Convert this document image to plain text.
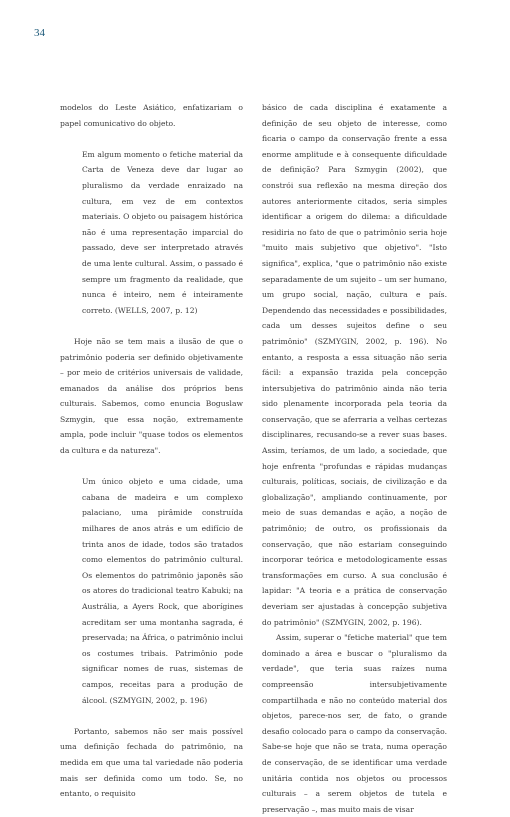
34

modelos do Leste Asiático, enfatizariam o papel comunicativo do objeto.

Em algum momento o fetiche material da Carta de Veneza deve dar lugar ao pluralismo da verdade enraizado na cultura, em vez de em contextos materiais. O objeto ou paisagem histórica não é uma representação imparcial do passado, deve ser interpretado através de uma lente cultural. Assim, o passado é sempre um fragmento da realidade, que nunca é inteiro, nem é inteiramente correto. (WELLS, 2007, p. 12)

Hoje não se tem mais a ilusão de que o patrimônio poderia ser definido objetivamente – por meio de critérios universais de validade, emanados da análise dos próprios bens culturais. Sabemos, como enuncia Boguslaw Szmygin, que essa noção, extremamente ampla, pode incluir "quase todos os elementos da cultura e da natureza".

Um único objeto e uma cidade, uma cabana de madeira e um complexo palaciano, uma pirâmide construída milhares de anos atrás e um edifício de trinta anos de idade, todos são tratados como elementos do patrimônio cultural. Os elementos do patrimônio japonês são os atores do tradicional teatro Kabuki; na Austrália, a Ayers Rock, que aborígines acreditam ser uma montanha sagrada, é preservada; na África, o patrimônio inclui os costumes tribais. Patrimônio pode significar nomes de ruas, sistemas de campos, receitas para a produção de álcool. (SZMYGIN, 2002, p. 196)

Portanto, sabemos não ser mais possível uma definição fechada do patrimônio, na medida em que uma tal variedade não poderia mais ser definida como um todo. Se, no entanto, o requisito

básico de cada disciplina é exatamente a definição de seu objeto de interesse, como ficaria o campo da conservação frente a essa enorme amplitude e à consequente dificuldade de definição? Para Szmygin (2002), que constrói sua reflexão na mesma direção dos autores anteriormente citados, seria simples identificar a origem do dilema: a dificuldade residiria no fato de que o patrimônio seria hoje "muito mais subjetivo que objetivo". "Isto significa", explica, "que o patrimônio não existe separadamente de um sujeito – um ser humano, um grupo social, nação, cultura e país. Dependendo das necessidades e possibilidades, cada um desses sujeitos define o seu patrimônio" (SZMYGIN, 2002, p. 196). No entanto, a resposta a essa situação não seria fácil: a expansão trazida pela concepção intersubjetiva do patrimônio ainda não teria sido plenamente incorporada pela teoria da conservação, que se aferraria a velhas certezas disciplinares, recusando-se a rever suas bases. Assim, teríamos, de um lado, a sociedade, que hoje enfrenta "profundas e rápidas mudanças culturais, políticas, sociais, de civilização e da globalização", ampliando continuamente, por meio de suas demandas e ação, a noção de patrimônio; de outro, os profissionais da conservação, que não estariam conseguindo incorporar teórica e metodologicamente essas transformações em curso. A sua conclusão é lapidar: "A teoria e a prática de conservação deveriam ser ajustadas à concepção subjetiva do patrimônio" (SZMYGIN, 2002, p. 196).

Assim, superar o "fetiche material" que tem dominado a área e buscar o "pluralismo da verdade", que teria suas raízes numa compreensão intersubjetivamente compartilhada e não no conteúdo material dos objetos, parece-nos ser, de fato, o grande desafio colocado para o campo da conservação. Sabe-se hoje que não se trata, numa operação de conservação, de se identificar uma verdade unitária contida nos objetos ou processos culturais – a serem objetos de tutela e preservação –, mas muito mais de visar
